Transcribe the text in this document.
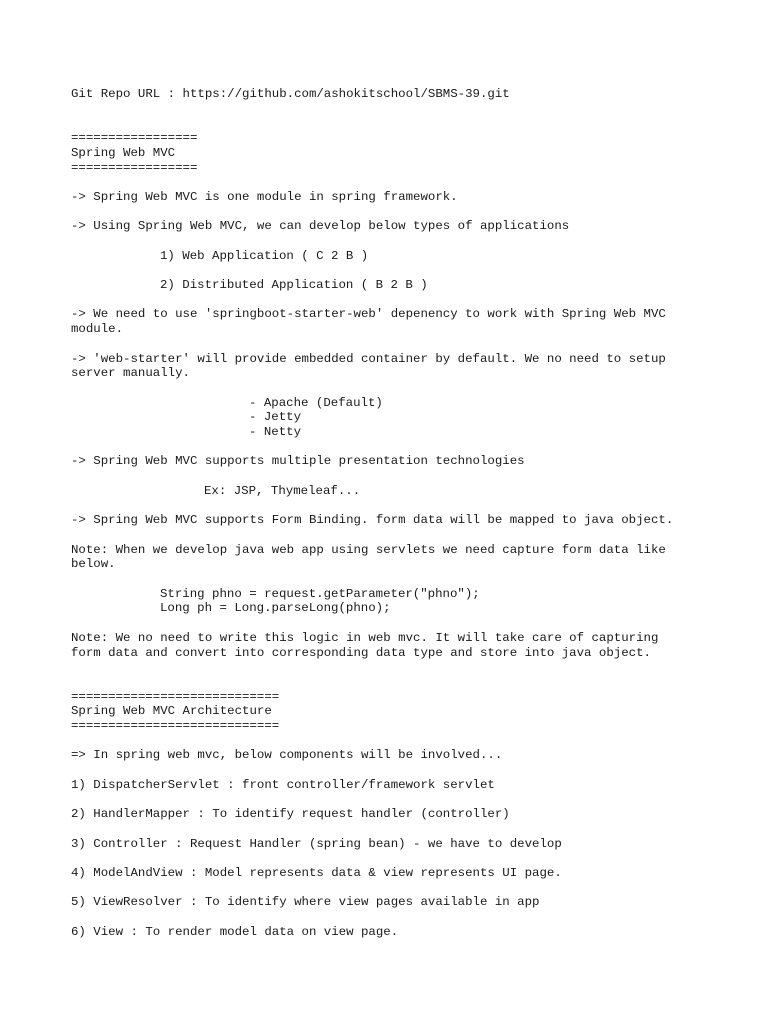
Git Repo URL : https://github.com/ashokitschool/SBMS-39.git
=================
Spring Web MVC
=================
-> Spring Web MVC is one module in spring framework.
-> Using Spring Web MVC, we can develop below types of applications
1) Web Application ( C 2 B )
2) Distributed Application ( B 2 B )
-> We need to use 'springboot-starter-web' depenency to work with Spring Web MVC
module.
-> 'web-starter' will provide embedded container by default. We no need to setup
server manually.
- Apache (Default)
- Jetty
- Netty
-> Spring Web MVC supports multiple presentation technologies
Ex: JSP, Thymeleaf...
-> Spring Web MVC supports Form Binding. form data will be mapped to java object.
Note: When we develop java web app using servlets we need capture form data like
below.
String phno = request.getParameter("phno");
Long ph = Long.parseLong(phno);
Note: We no need to write this logic in web mvc. It will take care of capturing
form data and convert into corresponding data type and store into java object.
============================
Spring Web MVC Architecture
============================
=> In spring web mvc, below components will be involved...
1) DispatcherServlet : front controller/framework servlet
2) HandlerMapper : To identify request handler (controller)
3) Controller : Request Handler (spring bean) - we have to develop
4) ModelAndView : Model represents data & view represents UI page.
5) ViewResolver : To identify where view pages available in app
6) View : To render model data on view page.
